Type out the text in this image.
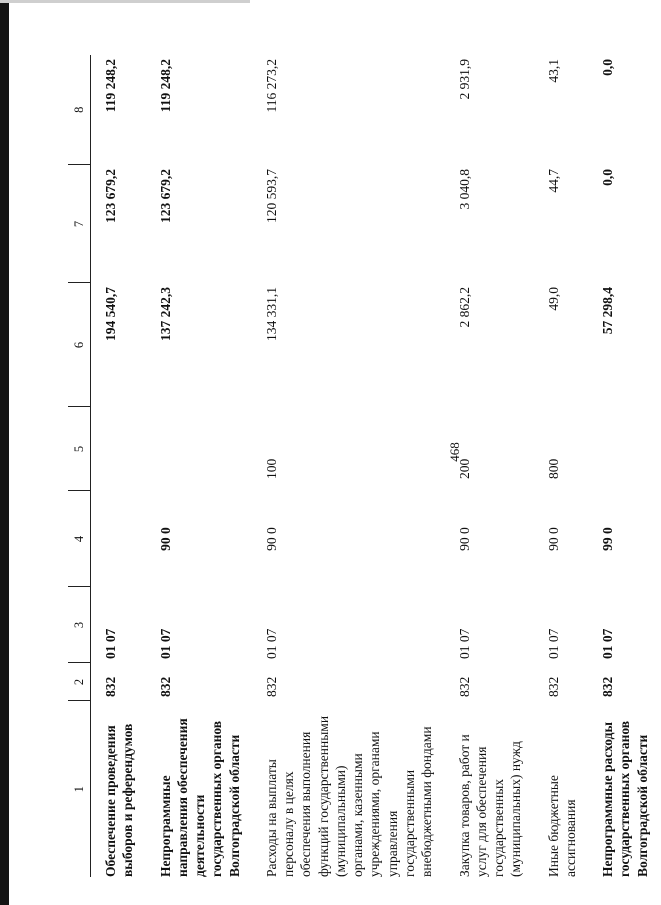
468
1	2	3	4	5	6	7	8
Обеспечение проведения выборов и референдумов	832	01 07			194 540,7	123 679,2	119 248,2
Непрограммные направления обеспечения деятельности государственных органов Волгоградской области	832	01 07	90 0		137 242,3	123 679,2	119 248,2
Расходы на выплаты персоналу в целях обеспечения выполнения функций государственными (муниципальными) органами, казенными учреждениями, органами управления государственными внебюджетными фондами	832	01 07	90 0	100	134 331,1	120 593,7	116 273,2
Закупка товаров, работ и услуг для обеспечения государственных (муниципальных) нужд	832	01 07	90 0	200	2 862,2	3 040,8	2 931,9
Иные бюджетные ассигнования	832	01 07	90 0	800	49,0	44,7	43,1
Непрограммные расходы государственных органов Волгоградской области	832	01 07	99 0		57 298,4	0,0	0,0
